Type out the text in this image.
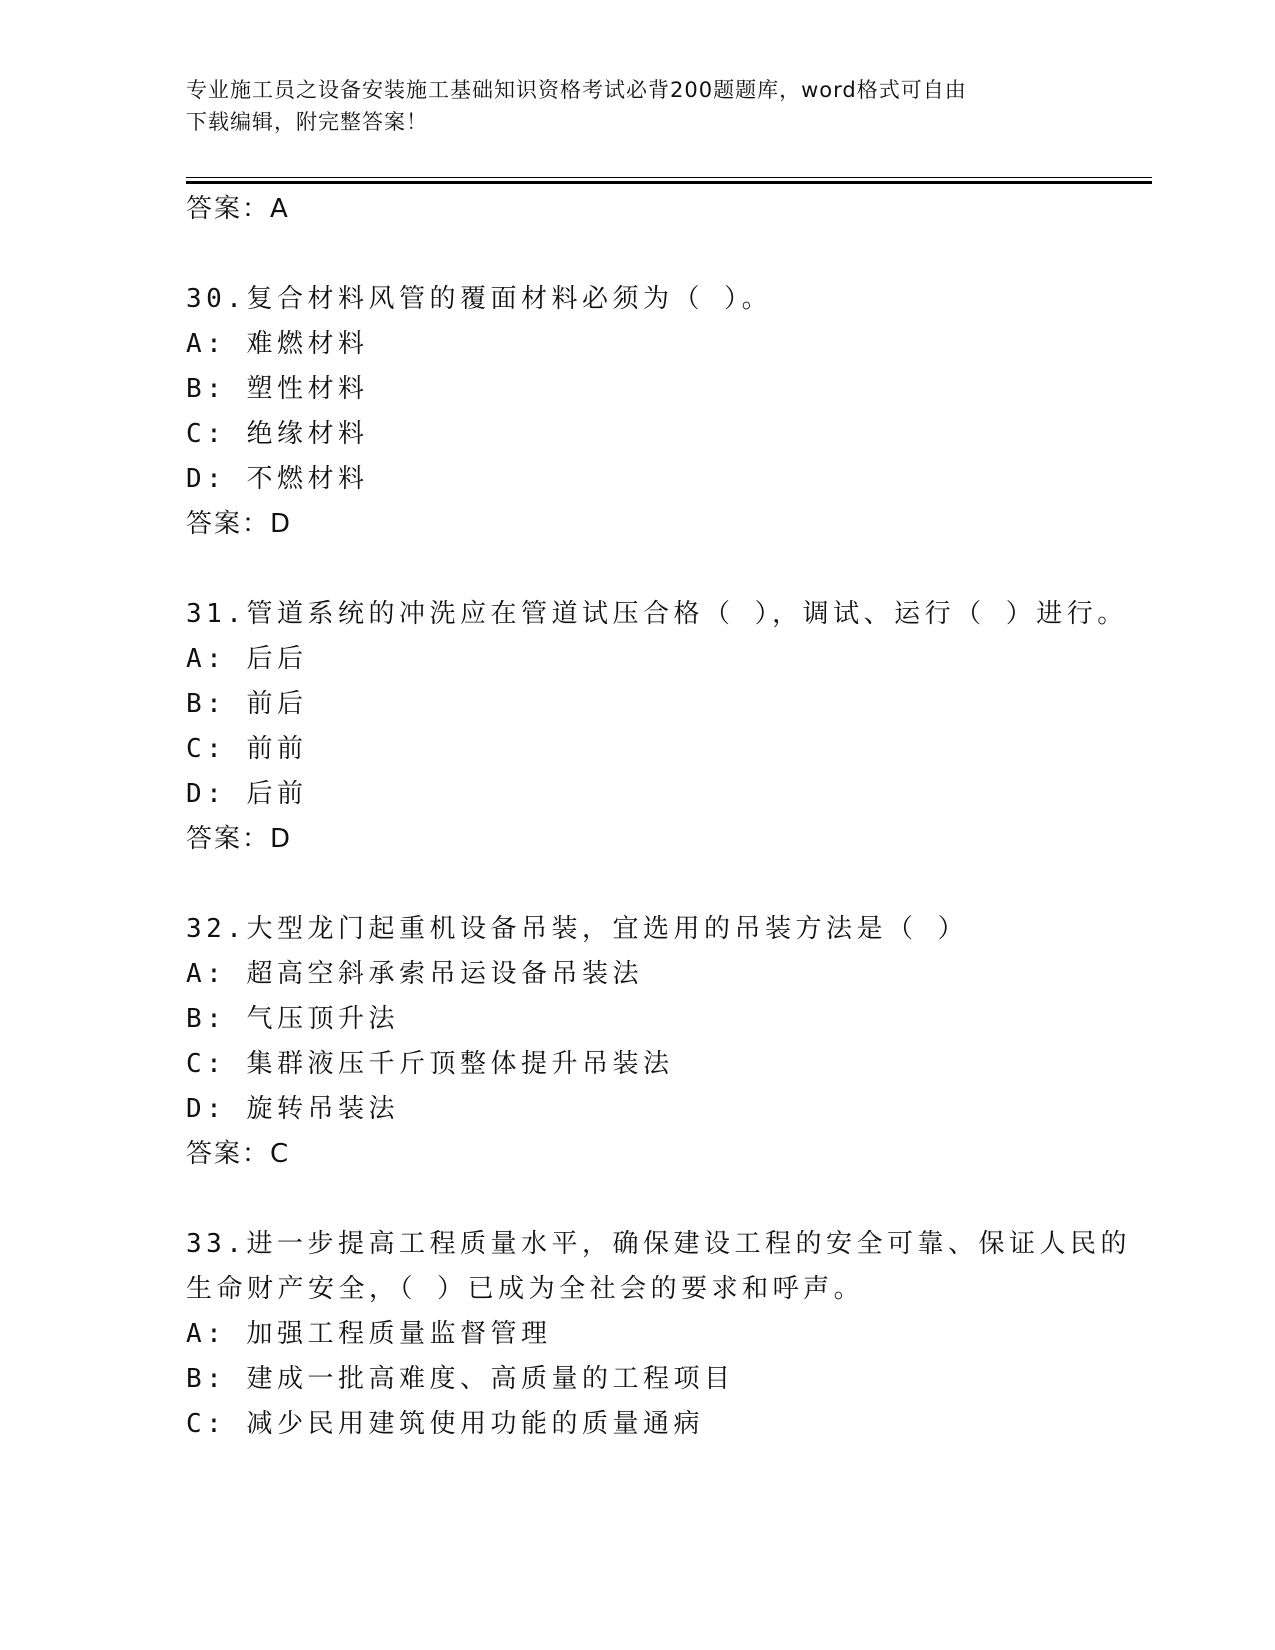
专业施工员之设备安装施工基础知识资格考试必背200题题库，word格式可自由
下载编辑，附完整答案！
答案：A
30.复合材料风管的覆面材料必须为（ ）。
A: 难燃材料
B: 塑性材料
C: 绝缘材料
D: 不燃材料
答案：D
31.管道系统的冲洗应在管道试压合格（ ），调试、运行（ ）进行。
A: 后后
B: 前后
C: 前前
D: 后前
答案：D
32.大型龙门起重机设备吊装，宜选用的吊装方法是（ ）
A: 超高空斜承索吊运设备吊装法
B: 气压顶升法
C: 集群液压千斤顶整体提升吊装法
D: 旋转吊装法
答案：C
33.进一步提高工程质量水平，确保建设工程的安全可靠、保证人民的
生命财产安全，（ ）已成为全社会的要求和呼声。
A: 加强工程质量监督管理
B: 建成一批高难度、高质量的工程项目
C: 减少民用建筑使用功能的质量通病
